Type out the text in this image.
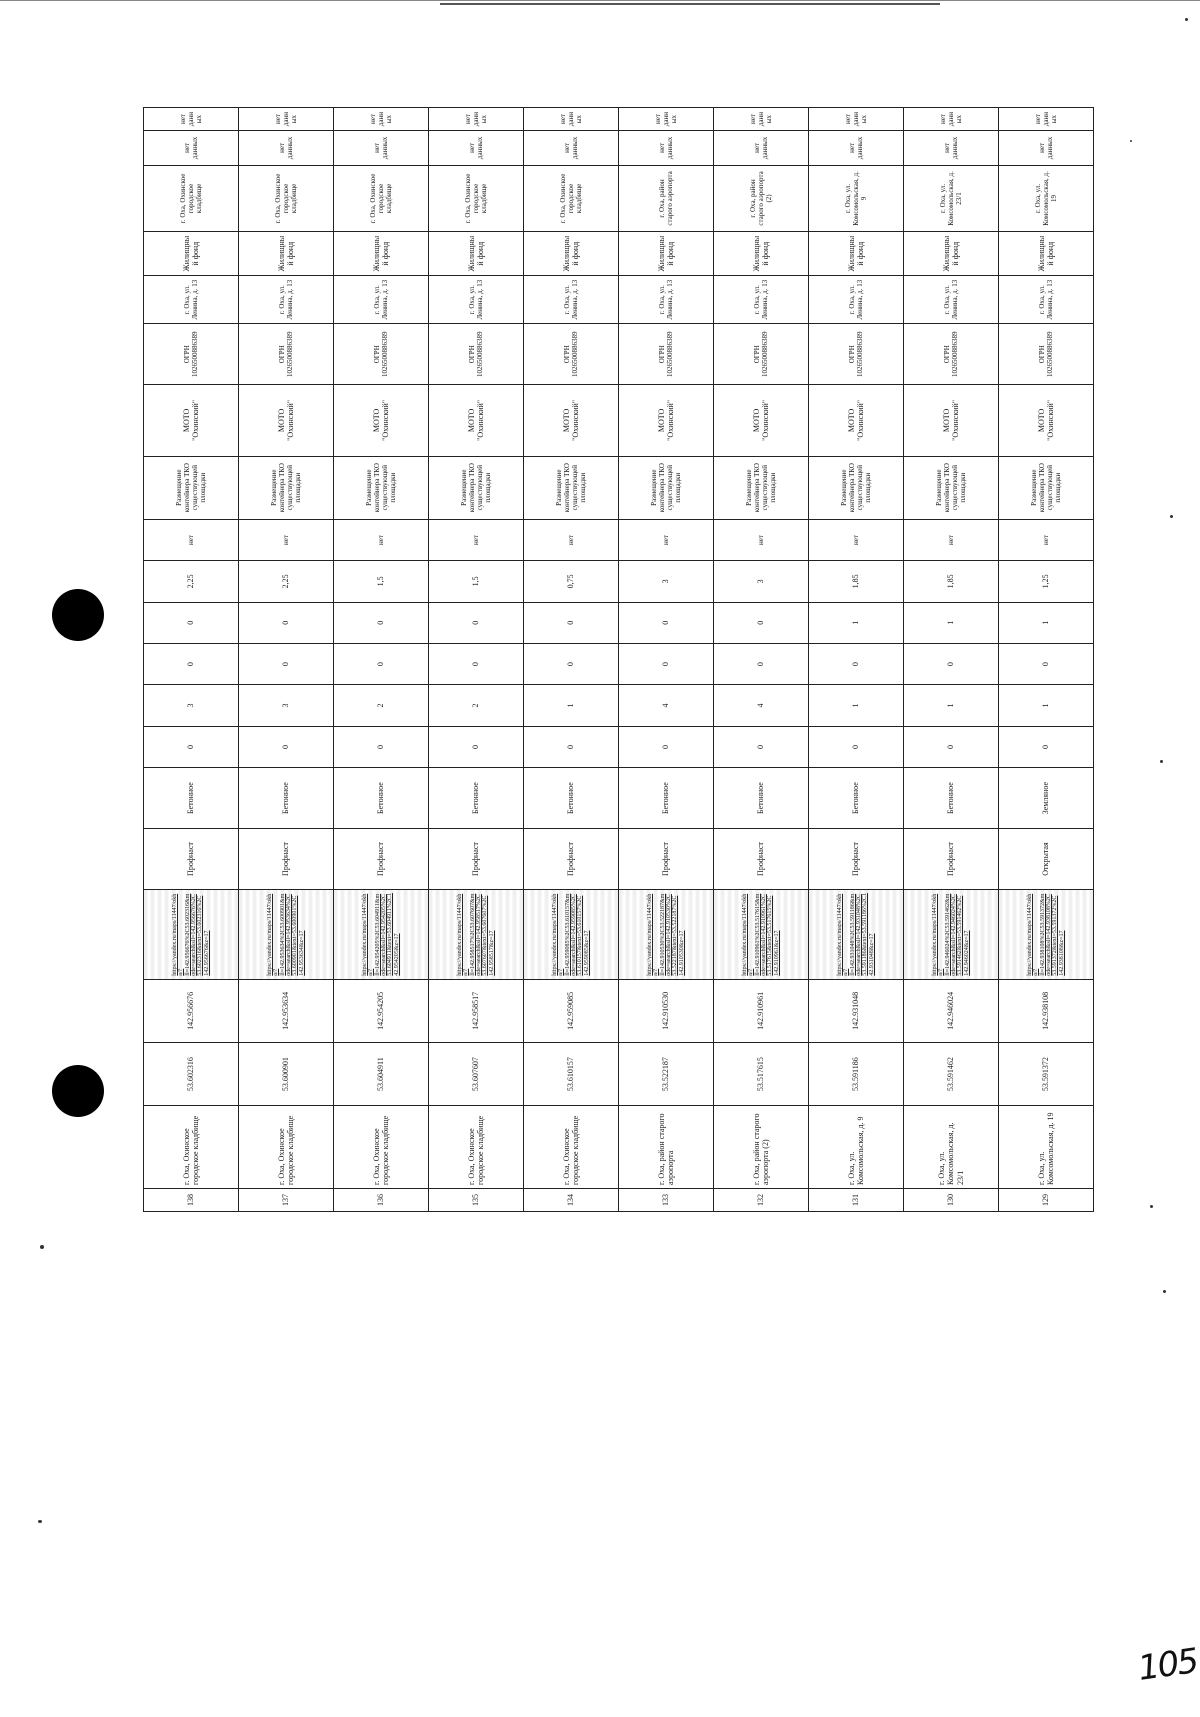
138	г. Оха, Охинское городское кладбище	53.602316	142.956676	https://yandex.ru/maps/11447/okha/?ll=142.956676%2C53.602316&mode=search&sll=142.956676%2C53.602316&text=53.602316%2C142.956676&z=17	Профнаст	Бетонное	0	3	0	0	2,25	нет	Размещение контейнера ТКО существующей площадки	МОТО "Охинский"	ОГРН 1026500886389	г. Оха, ул. Ленина, д. 13	Жилищный фонд	г. Оха, Охинское городское кладбище	нет данных	нет данных
137	г. Оха, Охинское городское кладбище	53.600901	142.953634	https://yandex.ru/maps/11447/okha/?ll=142.953634%2C53.600901&mode=search&sll=142.953634%2C53.600901&text=53.600901%2C142.953634&z=17	Профнаст	Бетонное	0	3	0	0	2,25	нет	Размещение контейнера ТКО существующей площадки	МОТО "Охинский"	ОГРН 1026500886389	г. Оха, ул. Ленина, д. 13	Жилищный фонд	г. Оха, Охинское городское кладбище	нет данных	нет данных
136	г. Оха, Охинское городское кладбище	53.604911	142.954205	https://yandex.ru/maps/11447/okha/?ll=142.954205%2C53.604911&mode=search&sll=142.954205%2C53.604911&text=53.604911%2C142.954205&z=17	Профнаст	Бетонное	0	2	0	0	1,5	нет	Размещение контейнера ТКО существующей площадки	МОТО "Охинский"	ОГРН 1026500886389	г. Оха, ул. Ленина, д. 13	Жилищный фонд	г. Оха, Охинское городское кладбище	нет данных	нет данных
135	г. Оха, Охинское городское кладбище	53.607607	142.958517	https://yandex.ru/maps/11447/okha/?ll=142.958517%2C53.607607&mode=search&sll=142.958517%2C53.607607&text=53.607607%2C142.958517&z=17	Профнаст	Бетонное	0	2	0	0	1,5	нет	Размещение контейнера ТКО существующей площадки	МОТО "Охинский"	ОГРН 1026500886389	г. Оха, ул. Ленина, д. 13	Жилищный фонд	г. Оха, Охинское городское кладбище	нет данных	нет данных
134	г. Оха, Охинское городское кладбище	53.610157	142.959085	https://yandex.ru/maps/11447/okha/?ll=142.959085%2C53.610157&mode=search&sll=142.959085%2C53.610157&text=53.610157%2C142.959085&z=17	Профнаст	Бетонное	0	1	0	0	0,75	нет	Размещение контейнера ТКО существующей площадки	МОТО "Охинский"	ОГРН 1026500886389	г. Оха, ул. Ленина, д. 13	Жилищный фонд	г. Оха, Охинское городское кладбище	нет данных	нет данных
133	г. Оха, район старого аэропорта	53.522187	142.910530	https://yandex.ru/maps/11447/okha/?ll=142.910530%2C53.522187&mode=search&sll=142.910530%2C53.522187&text=53.522187%2C142.910530&z=17	Профнаст	Бетонное	0	4	0	0	3	нет	Размещение контейнера ТКО существующей площадки	МОТО "Охинский"	ОГРН 1026500886389	г. Оха, ул. Ленина, д. 13	Жилищный фонд	г. Оха, район старого аэропорта	нет данных	нет данных
132	г. Оха, район старого аэропорта (2)	53.517615	142.910961	https://yandex.ru/maps/11447/okha/?ll=142.910961%2C53.517615&mode=search&sll=142.910961%2C53.517615&text=53.517615%2C142.910961&z=17	Профнаст	Бетонное	0	4	0	0	3	нет	Размещение контейнера ТКО существующей площадки	МОТО "Охинский"	ОГРН 1026500886389	г. Оха, ул. Ленина, д. 13	Жилищный фонд	г. Оха, район старого аэропорта (2)	нет данных	нет данных
131	г. Оха, ул. Комсомольская, д. 9	53.591186	142.931048	https://yandex.ru/maps/11447/okha/?ll=142.931048%2C53.591186&mode=search&sll=142.931048%2C53.591186&text=53.591186%2C142.931048&z=17	Профнаст	Бетонное	0	1	0	1	1,85	нет	Размещение контейнера ТКО существующей площадки	МОТО "Охинский"	ОГРН 1026500886389	г. Оха, ул. Ленина, д. 13	Жилищный фонд	г. Оха, ул. Комсомольская, д. 9	нет данных	нет данных
130	г. Оха, ул. Комсомольская, д. 23/1	53.591462	142.946024	https://yandex.ru/maps/11447/okha/?ll=142.946024%2C53.591462&mode=search&sll=142.946024%2C53.591462&text=53.591462%2C142.946024&z=17	Профнаст	Бетонное	0	1	0	1	1,85	нет	Размещение контейнера ТКО существующей площадки	МОТО "Охинский"	ОГРН 1026500886389	г. Оха, ул. Ленина, д. 13	Жилищный фонд	г. Оха, ул. Комсомольская, д. 23/1	нет данных	нет данных
129	г. Оха, ул. Комсомольская, д. 19	53.591372	142.938108	https://yandex.ru/maps/11447/okha/?ll=142.938108%2C53.591372&mode=search&sll=142.938108%2C53.591372&text=53.591372%2C142.938108&z=17	Открытая	Земляное	0	1	0	1	1,25	нет	Размещение контейнера ТКО существующей площадки	МОТО "Охинский"	ОГРН 1026500886389	г. Оха, ул. Ленина, д. 13	Жилищный фонд	г. Оха, ул. Комсомольская, д. 19	нет данных	нет данных
105
